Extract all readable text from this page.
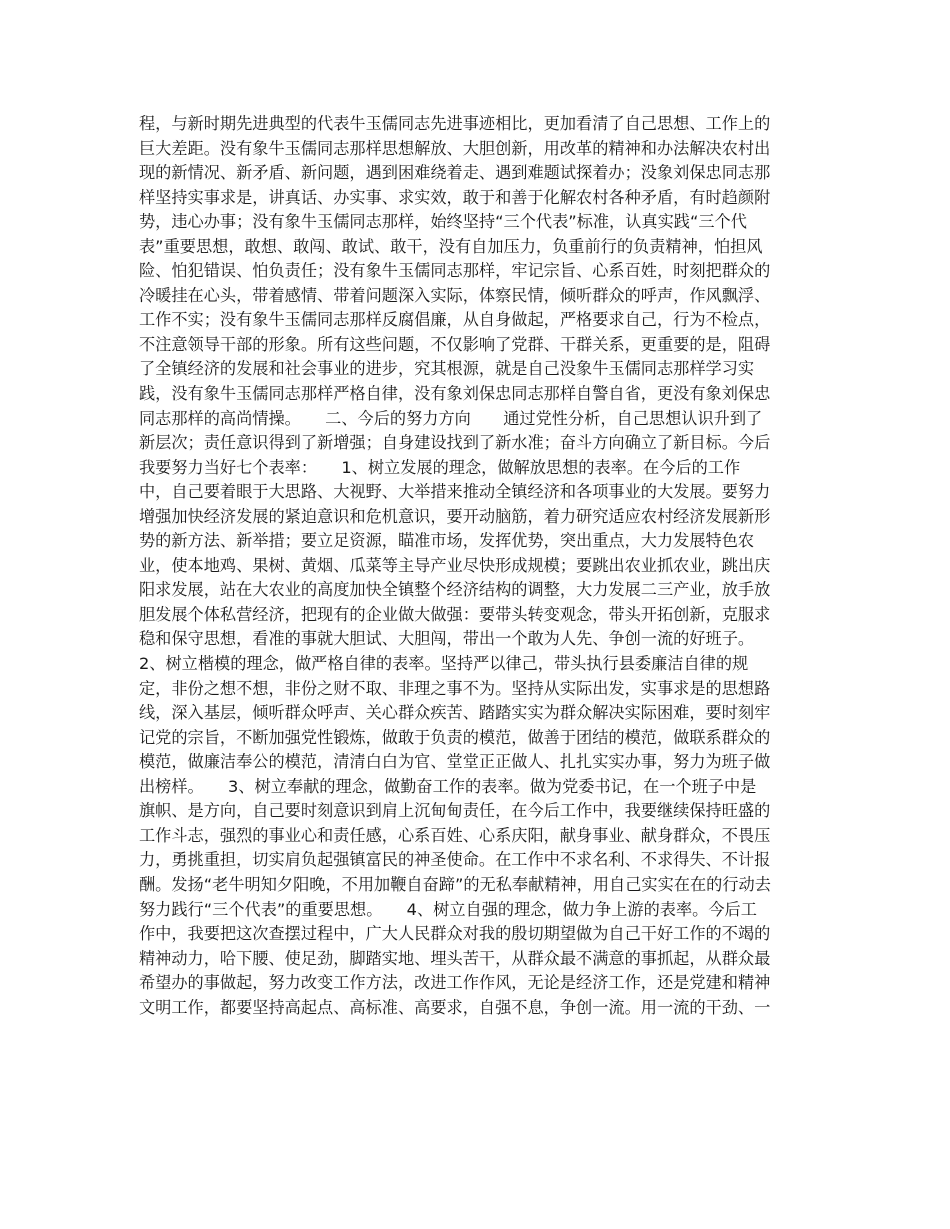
程，与新时期先进典型的代表牛玉儒同志先进事迹相比，更加看清了自己思想、工作上的
巨大差距。没有象牛玉儒同志那样思想解放、大胆创新，用改革的精神和办法解决农村出
现的新情况、新矛盾、新问题，遇到困难绕着走、遇到难题试探着办；没象刘保忠同志那
样坚持实事求是，讲真话、办实事、求实效，敢于和善于化解农村各种矛盾，有时趋颜附
势，违心办事；没有象牛玉儒同志那样，始终坚持“三个代表”标准，认真实践“三个代
表”重要思想，敢想、敢闯、敢试、敢干，没有自加压力，负重前行的负责精神，怕担风
险、怕犯错误、怕负责任；没有象牛玉儒同志那样，牢记宗旨、心系百姓，时刻把群众的
冷暖挂在心头，带着感情、带着问题深入实际，体察民情，倾听群众的呼声，作风飘浮、
工作不实；没有象牛玉儒同志那样反腐倡廉，从自身做起，严格要求自己，行为不检点，
不注意领导干部的形象。所有这些问题，不仅影响了党群、干群关系，更重要的是，阻碍
了全镇经济的发展和社会事业的进步，究其根源，就是自己没象牛玉儒同志那样学习实
践，没有象牛玉儒同志那样严格自律，没有象刘保忠同志那样自警自省，更没有象刘保忠
同志那样的高尚情操。　　二、今后的努力方向　　通过党性分析，自己思想认识升到了
新层次；责任意识得到了新增强；自身建设找到了新水准；奋斗方向确立了新目标。今后
我要努力当好七个表率：　　1、树立发展的理念，做解放思想的表率。在今后的工作
中，自己要着眼于大思路、大视野、大举措来推动全镇经济和各项事业的大发展。要努力
增强加快经济发展的紧迫意识和危机意识，要开动脑筋，着力研究适应农村经济发展新形
势的新方法、新举措；要立足资源，瞄准市场，发挥优势，突出重点，大力发展特色农
业，使本地鸡、果树、黄烟、瓜菜等主导产业尽快形成规模；要跳出农业抓农业，跳出庆
阳求发展，站在大农业的高度加快全镇整个经济结构的调整，大力发展二三产业，放手放
胆发展个体私营经济，把现有的企业做大做强：要带头转变观念，带头开拓创新，克服求
稳和保守思想，看准的事就大胆试、大胆闯，带出一个敢为人先、争创一流的好班子。
2、树立楷模的理念，做严格自律的表率。坚持严以律己，带头执行县委廉洁自律的规
定，非份之想不想，非份之财不取、非理之事不为。坚持从实际出发，实事求是的思想路
线，深入基层，倾听群众呼声、关心群众疾苦、踏踏实实为群众解决实际困难，要时刻牢
记党的宗旨，不断加强党性锻炼，做敢于负责的模范，做善于团结的模范，做联系群众的
模范，做廉洁奉公的模范，清清白白为官、堂堂正正做人、扎扎实实办事，努力为班子做
出榜样。　　3、树立奉献的理念，做勤奋工作的表率。做为党委书记，在一个班子中是
旗帜、是方向，自己要时刻意识到肩上沉甸甸责任，在今后工作中，我要继续保持旺盛的
工作斗志，强烈的事业心和责任感，心系百姓、心系庆阳，献身事业、献身群众，不畏压
力，勇挑重担，切实肩负起强镇富民的神圣使命。在工作中不求名利、不求得失、不计报
酬。发扬“老牛明知夕阳晚，不用加鞭自奋蹄”的无私奉献精神，用自己实实在在的行动去
努力践行“三个代表”的重要思想。　　4、树立自强的理念，做力争上游的表率。今后工
作中，我要把这次查摆过程中，广大人民群众对我的殷切期望做为自己干好工作的不竭的
精神动力，哈下腰、使足劲，脚踏实地、埋头苦干，从群众最不满意的事抓起，从群众最
希望办的事做起，努力改变工作方法，改进工作作风，无论是经济工作，还是党建和精神
文明工作，都要坚持高起点、高标准、高要求，自强不息，争创一流。用一流的干劲、一
